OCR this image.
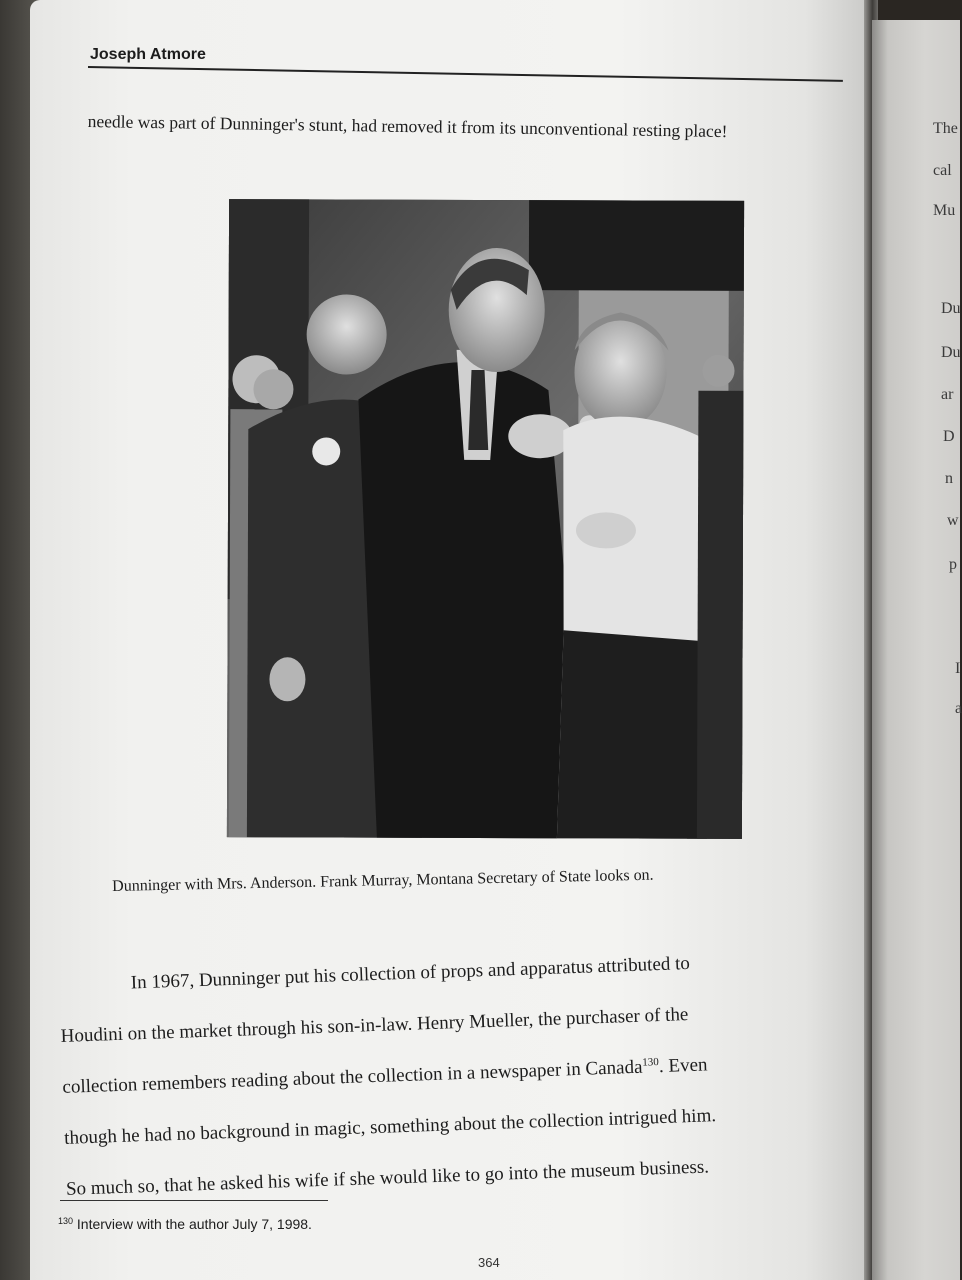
The
cal
Mu
Du
Du
ar
D
n
w
p
I
a
Joseph Atmore

needle was part of Dunninger's stunt, had removed it from its unconventional resting place!

Dunninger with Mrs. Anderson. Frank Murray, Montana Secretary of State looks on.

In 1967, Dunninger put his collection of props and apparatus attributed to
Houdini on the market through his son-in-law. Henry Mueller, the purchaser of the
collection remembers reading about the collection in a newspaper in Canada$^{130}$. Even
though he had no background in magic, something about the collection intrigued him.
So much so, that he asked his wife if she would like to go into the museum business.

$^{130}$ Interview with the author July 7, 1998.

364
